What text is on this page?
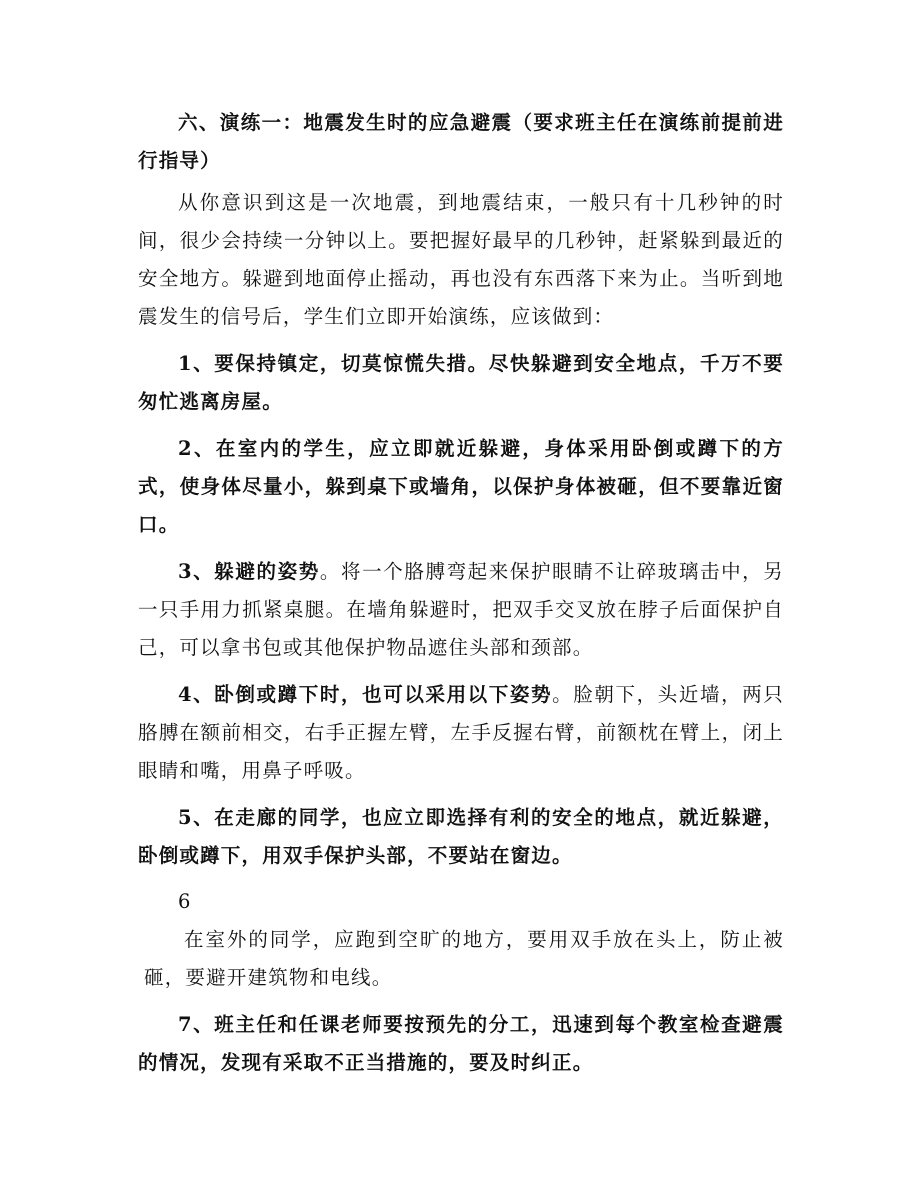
六、演练一：地震发生时的应急避震（要求班主任在演练前提前进行指导）

从你意识到这是一次地震，到地震结束，一般只有十几秒钟的时间，很少会持续一分钟以上。要把握好最早的几秒钟，赶紧躲到最近的安全地方。躲避到地面停止摇动，再也没有东西落下来为止。当听到地震发生的信号后，学生们立即开始演练，应该做到：

1、要保持镇定，切莫惊慌失措。尽快躲避到安全地点，千万不要匆忙逃离房屋。

2、在室内的学生，应立即就近躲避，身体采用卧倒或蹲下的方式，使身体尽量小，躲到桌下或墙角，以保护身体被砸，但不要靠近窗口。

3、躲避的姿势。将一个胳膊弯起来保护眼睛不让碎玻璃击中，另一只手用力抓紧桌腿。在墙角躲避时，把双手交叉放在脖子后面保护自己，可以拿书包或其他保护物品遮住头部和颈部。

4、卧倒或蹲下时，也可以采用以下姿势。脸朝下，头近墙，两只胳膊在额前相交，右手正握左臂，左手反握右臂，前额枕在臂上，闭上眼睛和嘴，用鼻子呼吸。

5、在走廊的同学，也应立即选择有利的安全的地点，就近躲避，卧倒或蹲下，用双手保护头部，不要站在窗边。

6

在室外的同学，应跑到空旷的地方，要用双手放在头上，防止被砸，要避开建筑物和电线。

7、班主任和任课老师要按预先的分工，迅速到每个教室检查避震的情况，发现有采取不正当措施的，要及时纠正。
